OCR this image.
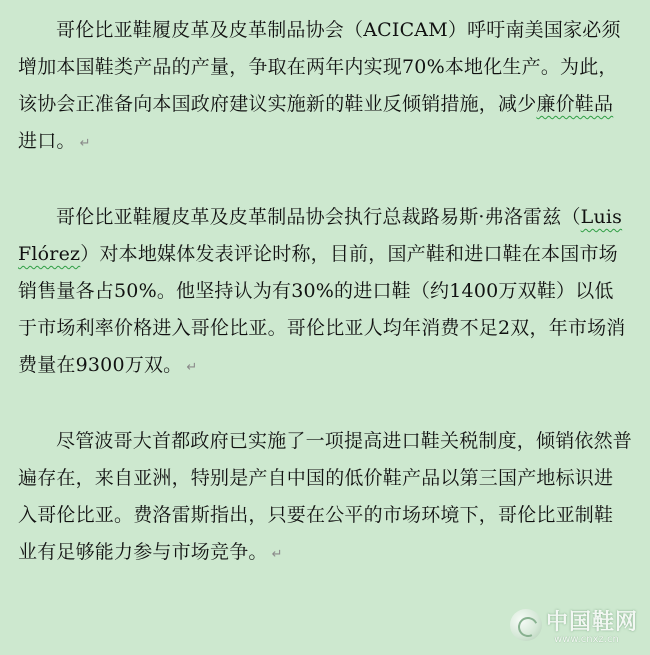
哥伦比亚鞋履皮革及皮革制品协会（ACICAM）呼吁南美国家必须增加本国鞋类产品的产量，争取在两年内实现70%本地化生产。为此，该协会正准备向本国政府建议实施新的鞋业反倾销措施，减少廉价鞋品进口。 ↵

哥伦比亚鞋履皮革及皮革制品协会执行总裁路易斯·弗洛雷兹（Luis Flórez）对本地媒体发表评论时称，目前，国产鞋和进口鞋在本国市场销售量各占50%。他坚持认为有30%的进口鞋（约1400万双鞋）以低于市场利率价格进入哥伦比亚。哥伦比亚人均年消费不足2双，年市场消费量在9300万双。 ↵

尽管波哥大首都政府已实施了一项提高进口鞋关税制度，倾销依然普遍存在，来自亚洲，特别是产自中国的低价鞋产品以第三国产地标识进入哥伦比亚。费洛雷斯指出，只要在公平的市场环境下，哥伦比亚制鞋业有足够能力参与市场竞争。 ↵

中国鞋网
www.cnxz.cn
